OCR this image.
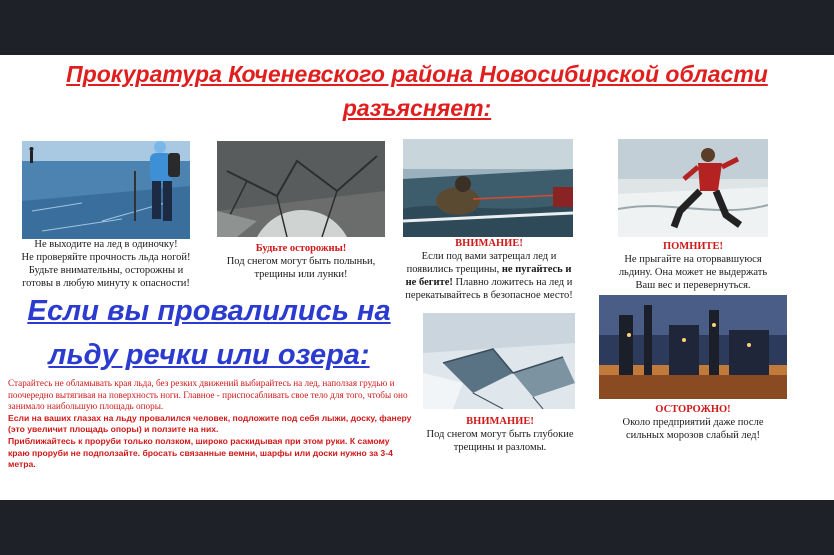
Прокуратура Коченевского района Новосибирской области
разъясняет:
Не выходите на лед в одиночку!
Не проверяйте прочность льда ногой!
Будьте внимательны, осторожны и
готовы в любую минуту к опасности!
Будьте осторожны!
Под снегом могут быть полыньи,
трещины или лунки!
ВНИМАНИЕ!
Если под вами затрещал лед и
появились трещины, не пугайтесь и
не бегите! Плавно ложитесь на лед и
перекатывайтесь в безопасное место!
ПОМНИТЕ!
Не прыгайте на оторвавшуюся
льдину. Она может не выдержать
Ваш вес и перевернуться.
Если вы провалились на
льду речки или озера:
ВНИМАНИЕ!
Под снегом могут быть глубокие
трещины и разломы.
ОСТОРОЖНО!
Около предприятий даже после
сильных морозов слабый лед!

Старайтесь не обламывать края льда, без резких движений выбирайтесь на лед, наползая грудью и поочередно вытягивая на поверхность ноги. Главное - приспосабливать свое тело для того, чтобы оно занимало наибольшую площадь опоры.

Если на ваших глазах на льду провалился человек, подложите под себя лыжи, доску, фанеру (это увеличит площадь опоры) и ползите на них.

Приближайтесь к проруби только ползком, широко раскидывая при этом руки. К самому краю проруби не подползайте. бросать связанные вемни, шарфы или доски нужно за 3-4 метра.
